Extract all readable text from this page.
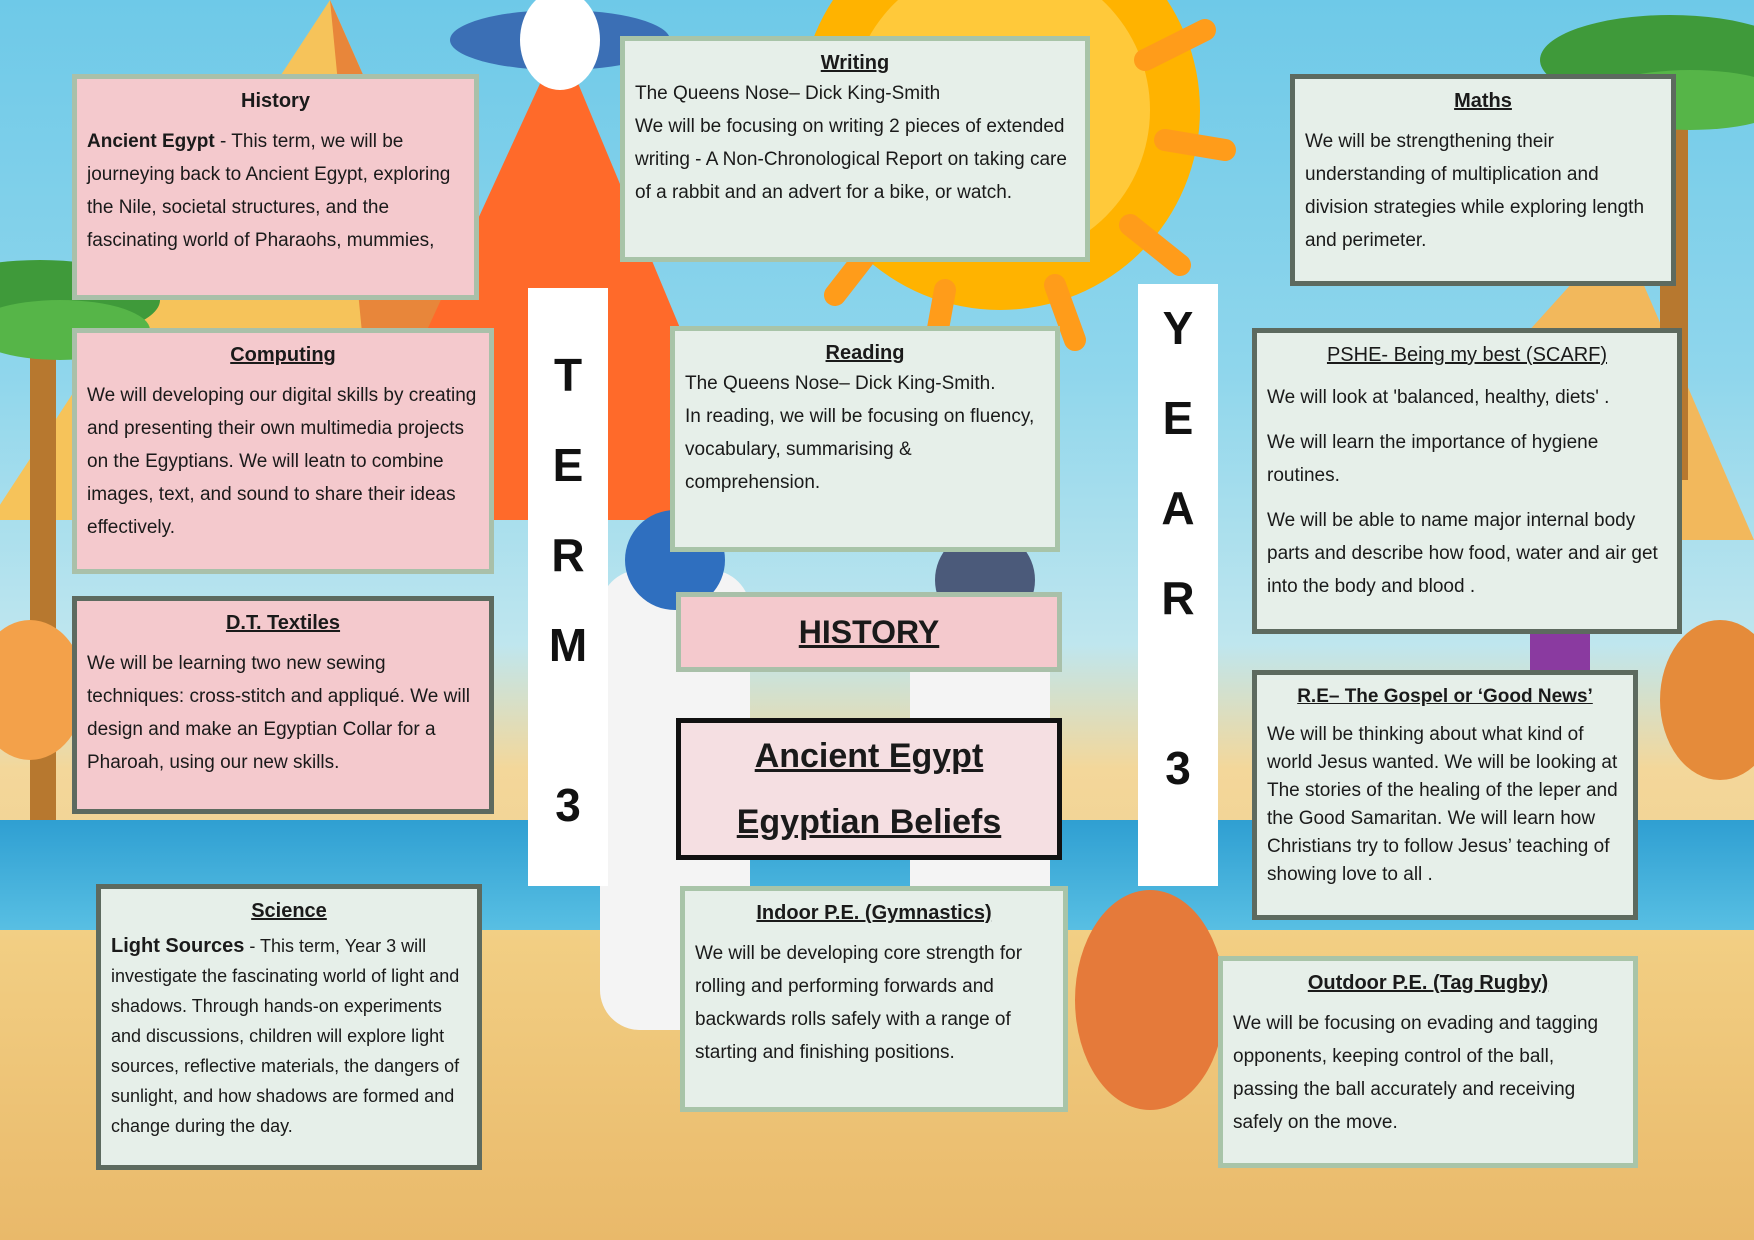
T
E
R
M
3
Y
E
A
R
3
History

Ancient Egypt - This term, we will be journeying back to Ancient Egypt, exploring the Nile, societal structures, and the fascinating world of Pharaohs, mummies,

Computing

We will developing our digital skills by creating and presenting their own multimedia projects on the Egyptians. We will leatn to combine images, text, and sound to share their ideas effectively.

D.T. Textiles

We will be learning two new sewing techniques: cross-stitch and appliqué. We will design and make an Egyptian Collar for a Pharoah, using our new skills.

Science

Light Sources - This term, Year 3 will investigate the fascinating world of light and shadows. Through hands-on experiments and discussions, children will explore light sources, reflective materials, the dangers of sunlight, and how shadows are formed and change during the day.

Writing

The Queens Nose– Dick King-Smith

We will be focusing on writing 2 pieces of extended writing - A Non-Chronological Report on taking care of a rabbit and an advert for a bike, or watch.

Reading

The Queens Nose– Dick King-Smith.

In reading, we will be focusing on fluency, vocabulary, summarising & comprehension.

HISTORY
Ancient Egypt
Egyptian Beliefs
Indoor P.E. (Gymnastics)

We will be developing core strength for rolling and performing forwards and backwards rolls safely with a range of starting and finishing positions.

Maths

We will be strengthening their understanding of multiplication and division strategies while exploring length and perimeter.

PSHE- Being my best (SCARF)

We will look at 'balanced, healthy, diets' .

We will learn the importance of hygiene routines.

We will be able to name major internal body parts and describe how food, water and air get into the body and blood .

R.E– The Gospel or ‘Good News’

We will be thinking about what kind of world Jesus wanted. We will be looking at The stories of the healing of the leper and the Good Samaritan. We will learn how Christians try to follow Jesus’ teaching of showing love to all .

Outdoor P.E. (Tag Rugby)

We will be focusing on evading and tagging opponents, keeping control of the ball, passing the ball accurately and receiving safely on the move.
